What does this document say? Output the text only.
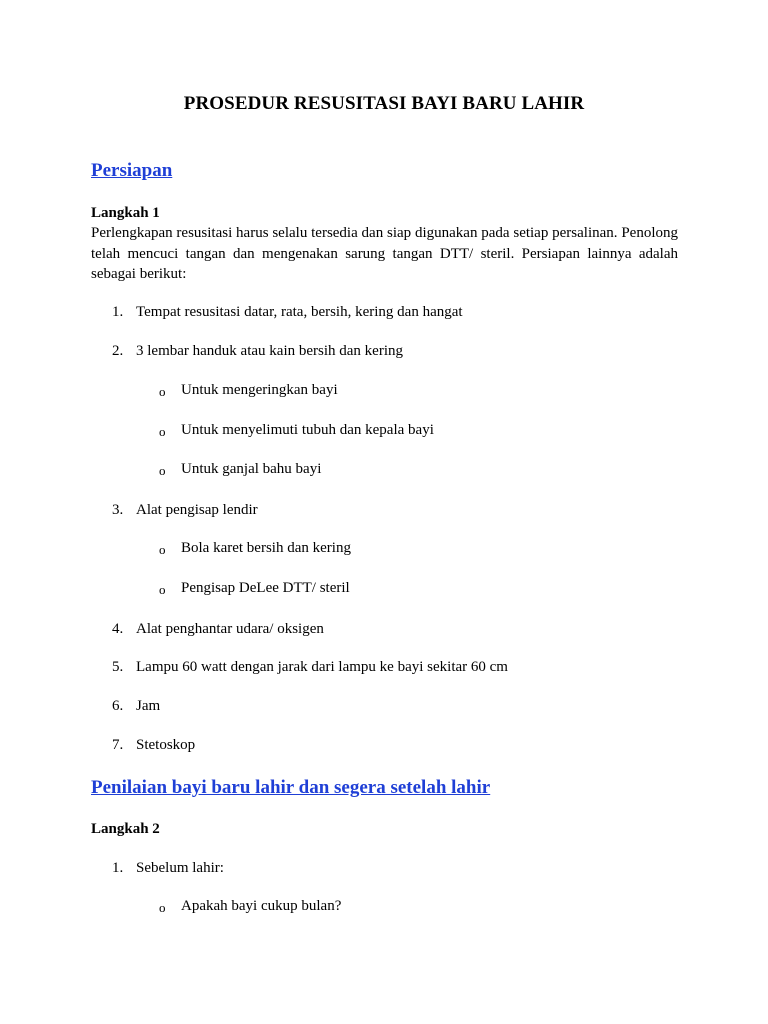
PROSEDUR RESUSITASI BAYI BARU LAHIR
Persiapan
Langkah 1
Perlengkapan resusitasi harus selalu tersedia dan siap digunakan pada setiap persalinan. Penolong telah mencuci tangan dan mengenakan sarung tangan DTT/ steril. Persiapan lainnya adalah sebagai berikut:
1. Tempat resusitasi datar, rata, bersih, kering dan hangat
2. 3 lembar handuk atau kain bersih dan kering
o Untuk mengeringkan bayi
o Untuk menyelimuti tubuh dan kepala bayi
o Untuk ganjal bahu bayi
3. Alat pengisap lendir
o Bola karet bersih dan kering
o Pengisap DeLee DTT/ steril
4. Alat penghantar udara/ oksigen
5. Lampu 60 watt dengan jarak dari lampu ke bayi sekitar 60 cm
6. Jam
7. Stetoskop
Penilaian bayi baru lahir dan segera setelah lahir
Langkah 2
1. Sebelum lahir:
o Apakah bayi cukup bulan?
